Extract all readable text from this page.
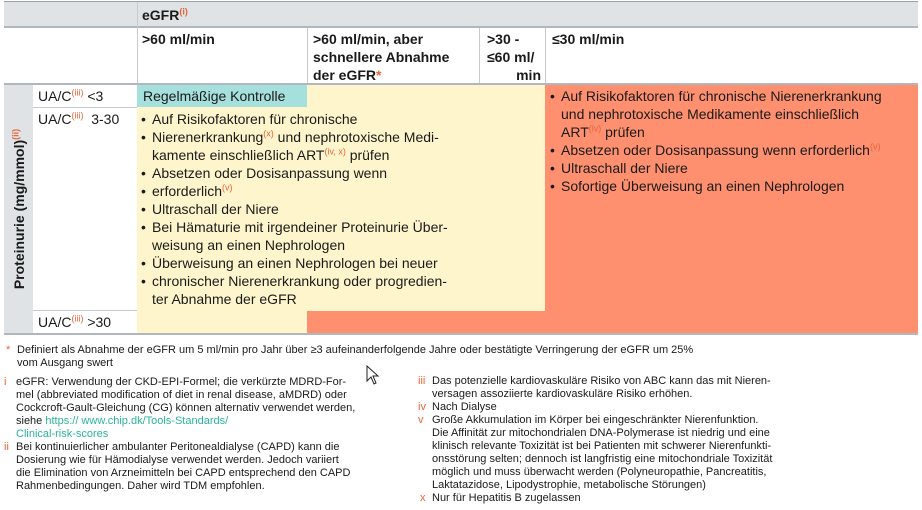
eGFR$^{(i)}$
>60 ml/min	>60 ml/min, aber schnellere Abnahme der eGFR*
>30 -
≤60 ml/
min
≤30 ml/min
Proteinurie (mg/mmol)$^{(ii)}$
$UA/C^{(iii)} <3$
$UA/C^{(iii)}$ 3-30
$UA/C^{(iii)} >30$
Regelmäßige Kontrolle
• Auf Risikofaktoren für chronische
• Nierenerkrankung$^{(x)}$ und nephrotoxische Medi-
kamente einschließlich ART$^{(iv, x)}$ prüfen
• Absetzen oder Dosisanpassung wenn
• erforderlich$^{(v)}$
• Ultraschall der Niere
• Bei Hämaturie mit irgendeiner Proteinurie Über-
weisung an einen Nephrologen
• Überweisung an einen Nephrologen bei neuer
• chronischer Nierenerkrankung oder progredien-
ter Abnahme der eGFR
• Auf Risikofaktoren für chronische Nierenerkrankung
und nephrotoxische Medikamente einschließlich
ART$^{(iv)}$ prüfen
• Absetzen oder Dosisanpassung wenn erforderlich$^{(v)}$
• Ultraschall der Niere
• Sofortige Überweisung an einen Nephrologen
* Definiert als Abnahme der eGFR um 5 ml/min pro Jahr über ≥3 aufeinanderfolgende Jahre oder bestätigte Verringerung der eGFR um 25%
vom Ausgang swert
i eGFR: Verwendung der CKD-EPI-Formel; die verkürzte MDRD-For-
mel (abbreviated modification of diet in renal disease, aMDRD) oder
Cockcroft-Gault-Gleichung (CG) können alternativ verwendet werden,
siehe https:// www.chip.dk/Tools-Standards/
Clinical-risk-scores
ii Bei kontinuierlicher ambulanter Peritonealdialyse (CAPD) kann die
Dosierung wie für Hämodialyse verwendet werden. Jedoch variiert
die Elimination von Arzneimitteln bei CAPD entsprechend den CAPD
Rahmenbedingungen. Daher wird TDM empfohlen.
iii Das potenzielle kardiovaskuläre Risiko von ABC kann das mit Nieren-
versagen assoziierte kardiovaskuläre Risiko erhöhen.
iv Nach Dialyse
v Große Akkumulation im Körper bei eingeschränkter Nierenfunktion.
Die Affinität zur mitochondrialen DNA-Polymerase ist niedrig und eine
klinisch relevante Toxizität ist bei Patienten mit schwerer Nierenfunkti-
onsstörung selten; dennoch ist langfristig eine mitochondriale Toxizität
möglich und muss überwacht werden (Polyneuropathie, Pancreatitis,
Laktatazidose, Lipodystrophie, metabolische Störungen)
x Nur für Hepatitis B zugelassen
